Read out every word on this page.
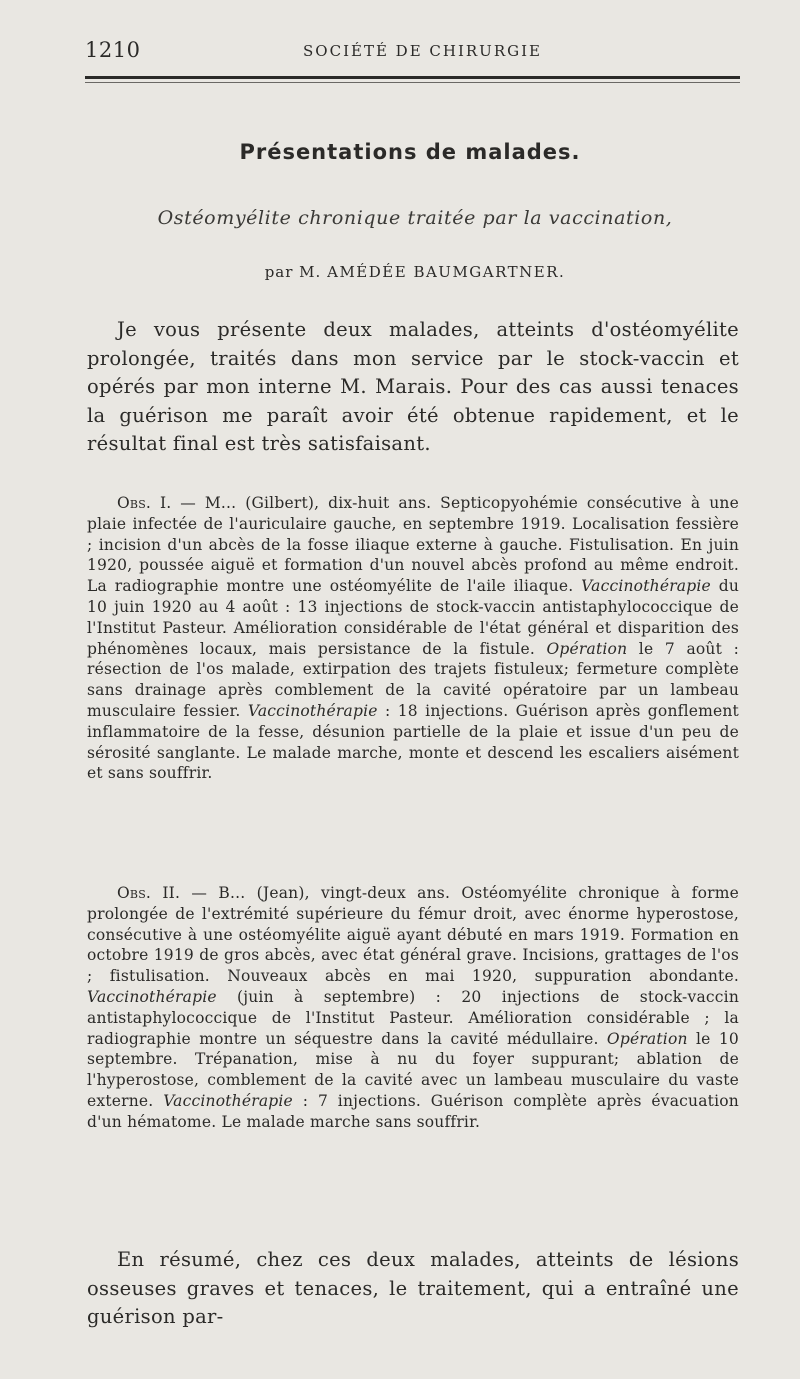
1210	SOCIÉTÉ DE CHIRURGIE
Présentations de malades.
Ostéomyélite chronique traitée par la vaccination,
par M. AMÉDÉE BAUMGARTNER.

Je vous présente deux malades, atteints d'ostéomyélite prolongée, traités dans mon service par le stock-vaccin et opérés par mon interne M. Marais. Pour des cas aussi tenaces la guérison me paraît avoir été obtenue rapidement, et le résultat final est très satisfaisant.

Obs. I. — M... (Gilbert), dix-huit ans. Septicopyohémie consécutive à une plaie infectée de l'auriculaire gauche, en septembre 1919. Localisation fessière ; incision d'un abcès de la fosse iliaque externe à gauche. Fistulisation. En juin 1920, poussée aiguë et formation d'un nouvel abcès profond au même endroit. La radiographie montre une ostéomyélite de l'aile iliaque. Vaccinothérapie du 10 juin 1920 au 4 août : 13 injections de stock-vaccin antistaphylococcique de l'Institut Pasteur. Amélioration considérable de l'état général et disparition des phénomènes locaux, mais persistance de la fistule. Opération le 7 août : résection de l'os malade, extirpation des trajets fistuleux; fermeture complète sans drainage après comblement de la cavité opératoire par un lambeau musculaire fessier. Vaccinothérapie : 18 injections. Guérison après gonflement inflammatoire de la fesse, désunion partielle de la plaie et issue d'un peu de sérosité sanglante. Le malade marche, monte et descend les escaliers aisément et sans souffrir.

Obs. II. — B... (Jean), vingt-deux ans. Ostéomyélite chronique à forme prolongée de l'extrémité supérieure du fémur droit, avec énorme hyperostose, consécutive à une ostéomyélite aiguë ayant débuté en mars 1919. Formation en octobre 1919 de gros abcès, avec état général grave. Incisions, grattages de l'os ; fistulisation. Nouveaux abcès en mai 1920, suppuration abondante. Vaccinothérapie (juin à septembre) : 20 injections de stock-vaccin antistaphylococcique de l'Institut Pasteur. Amélioration considérable ; la radiographie montre un séquestre dans la cavité médullaire. Opération le 10 septembre. Trépanation, mise à nu du foyer suppurant; ablation de l'hyperostose, comblement de la cavité avec un lambeau musculaire du vaste externe. Vaccinothérapie : 7 injections. Guérison complète après évacuation d'un hématome. Le malade marche sans souffrir.

En résumé, chez ces deux malades, atteints de lésions osseuses graves et tenaces, le traitement, qui a entraîné une guérison par-
